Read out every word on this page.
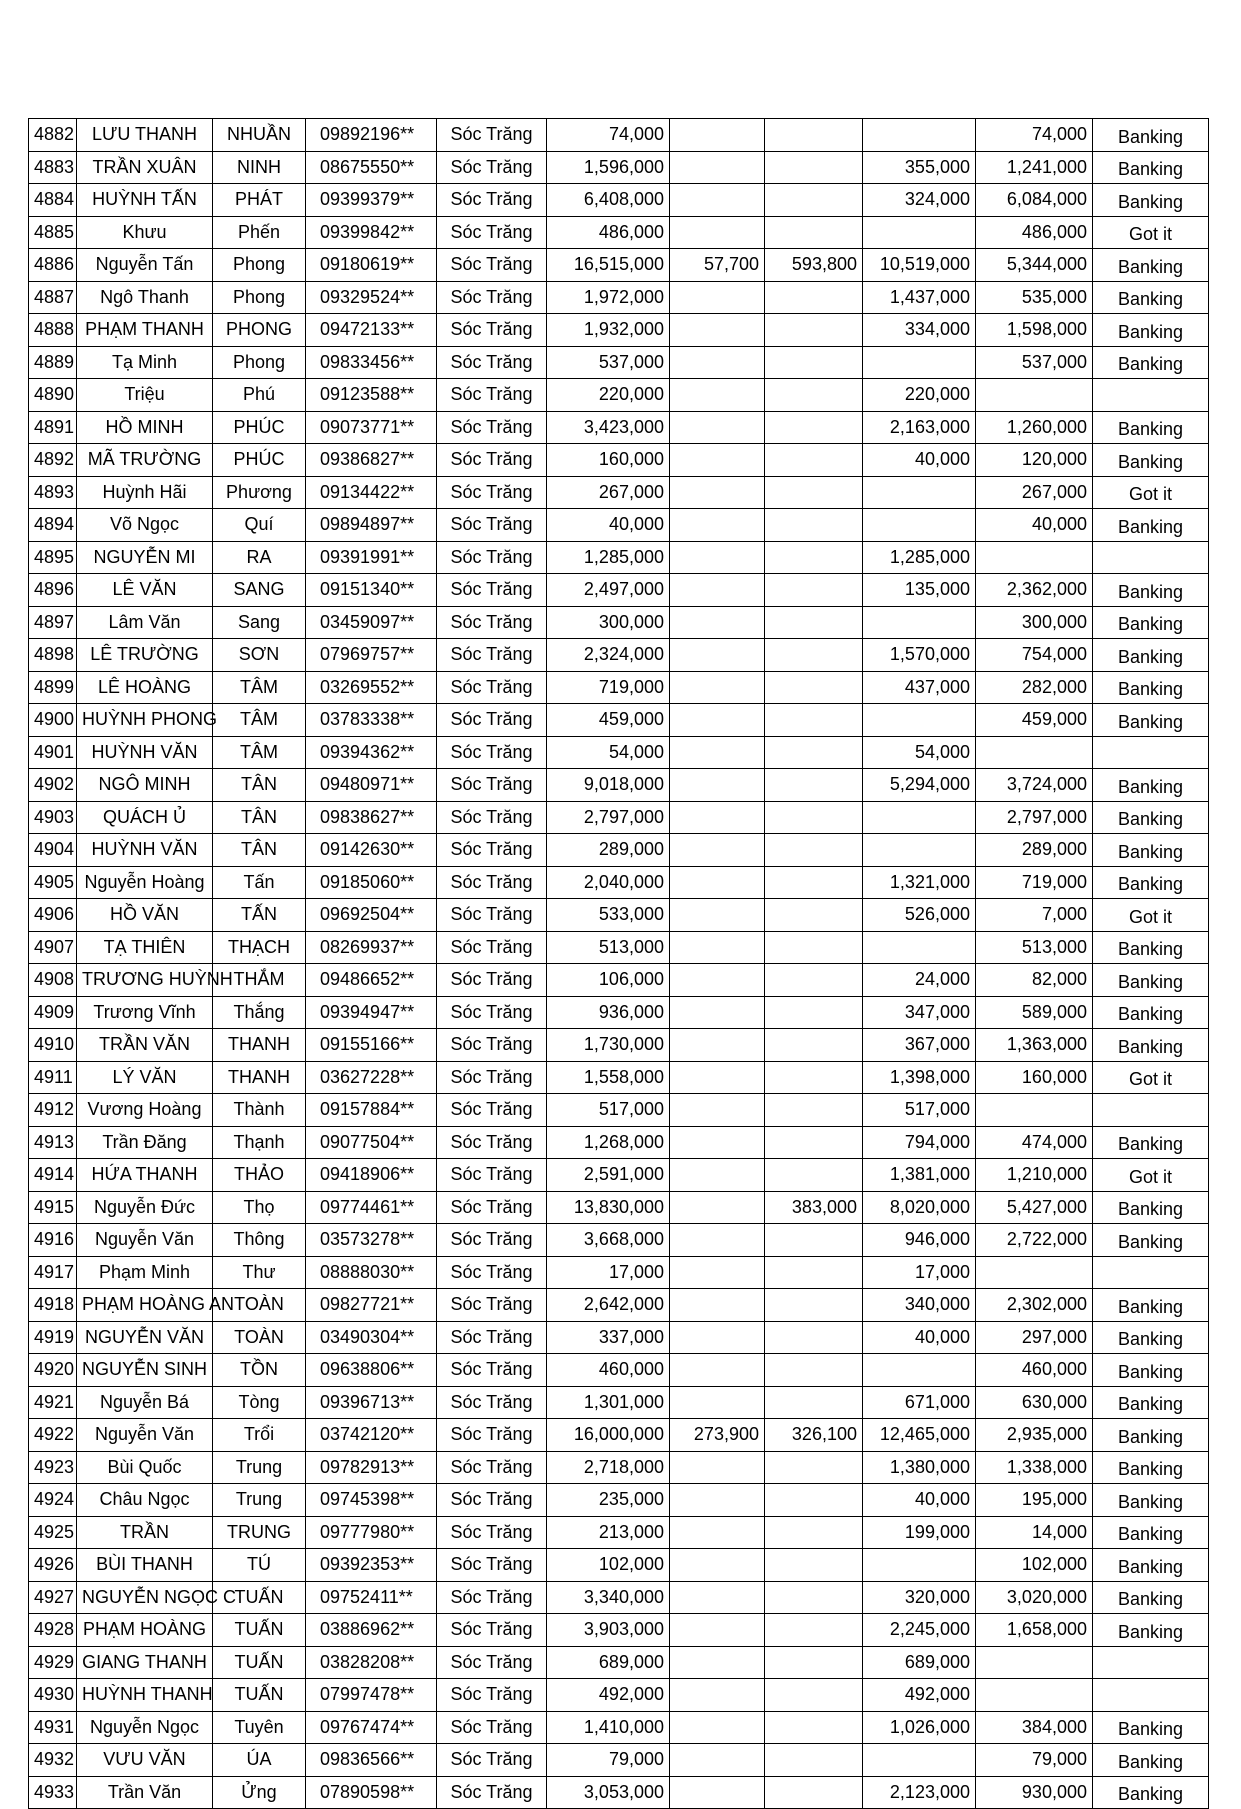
4882	LƯU THANH	NHUẦN	09892196**	Sóc Trăng	74,000				74,000	Banking
4883	TRẦN XUÂN	NINH	08675550**	Sóc Trăng	1,596,000			355,000	1,241,000	Banking
4884	HUỲNH TẤN	PHÁT	09399379**	Sóc Trăng	6,408,000			324,000	6,084,000	Banking
4885	Khưu	Phến	09399842**	Sóc Trăng	486,000				486,000	Got it
4886	Nguyễn Tấn	Phong	09180619**	Sóc Trăng	16,515,000	57,700	593,800	10,519,000	5,344,000	Banking
4887	Ngô Thanh	Phong	09329524**	Sóc Trăng	1,972,000			1,437,000	535,000	Banking
4888	PHẠM THANH	PHONG	09472133**	Sóc Trăng	1,932,000			334,000	1,598,000	Banking
4889	Tạ Minh	Phong	09833456**	Sóc Trăng	537,000				537,000	Banking
4890	Triệu	Phú	09123588**	Sóc Trăng	220,000			220,000		
4891	HỒ MINH	PHÚC	09073771**	Sóc Trăng	3,423,000			2,163,000	1,260,000	Banking
4892	MÃ TRƯỜNG	PHÚC	09386827**	Sóc Trăng	160,000			40,000	120,000	Banking
4893	Huỳnh Hãi	Phương	09134422**	Sóc Trăng	267,000				267,000	Got it
4894	Võ Ngọc	Quí	09894897**	Sóc Trăng	40,000				40,000	Banking
4895	NGUYỄN MI	RA	09391991**	Sóc Trăng	1,285,000			1,285,000		
4896	LÊ VĂN	SANG	09151340**	Sóc Trăng	2,497,000			135,000	2,362,000	Banking
4897	Lâm Văn	Sang	03459097**	Sóc Trăng	300,000				300,000	Banking
4898	LÊ TRƯỜNG	SƠN	07969757**	Sóc Trăng	2,324,000			1,570,000	754,000	Banking
4899	LÊ HOÀNG	TÂM	03269552**	Sóc Trăng	719,000			437,000	282,000	Banking
4900	HUỲNH PHONG	TÂM	03783338**	Sóc Trăng	459,000				459,000	Banking
4901	HUỲNH VĂN	TÂM	09394362**	Sóc Trăng	54,000			54,000		
4902	NGÔ MINH	TÂN	09480971**	Sóc Trăng	9,018,000			5,294,000	3,724,000	Banking
4903	QUÁCH Ủ	TÂN	09838627**	Sóc Trăng	2,797,000				2,797,000	Banking
4904	HUỲNH VĂN	TÂN	09142630**	Sóc Trăng	289,000				289,000	Banking
4905	Nguyễn Hoàng	Tấn	09185060**	Sóc Trăng	2,040,000			1,321,000	719,000	Banking
4906	HỒ VĂN	TẤN	09692504**	Sóc Trăng	533,000			526,000	7,000	Got it
4907	TẠ THIÊN	THẠCH	08269937**	Sóc Trăng	513,000				513,000	Banking
4908	TRƯƠNG HUỲNH	THẮM	09486652**	Sóc Trăng	106,000			24,000	82,000	Banking
4909	Trương Vĩnh	Thắng	09394947**	Sóc Trăng	936,000			347,000	589,000	Banking
4910	TRẦN VĂN	THANH	09155166**	Sóc Trăng	1,730,000			367,000	1,363,000	Banking
4911	LÝ VĂN	THANH	03627228**	Sóc Trăng	1,558,000			1,398,000	160,000	Got it
4912	Vương Hoàng	Thành	09157884**	Sóc Trăng	517,000			517,000		
4913	Trần Đăng	Thạnh	09077504**	Sóc Trăng	1,268,000			794,000	474,000	Banking
4914	HỨA THANH	THẢO	09418906**	Sóc Trăng	2,591,000			1,381,000	1,210,000	Got it
4915	Nguyễn Đức	Thọ	09774461**	Sóc Trăng	13,830,000		383,000	8,020,000	5,427,000	Banking
4916	Nguyễn Văn	Thông	03573278**	Sóc Trăng	3,668,000			946,000	2,722,000	Banking
4917	Phạm Minh	Thư	08888030**	Sóc Trăng	17,000			17,000		
4918	PHẠM HOÀNG AN	TOÀN	09827721**	Sóc Trăng	2,642,000			340,000	2,302,000	Banking
4919	NGUYỄN VĂN	TOÀN	03490304**	Sóc Trăng	337,000			40,000	297,000	Banking
4920	NGUYỄN SINH	TỒN	09638806**	Sóc Trăng	460,000				460,000	Banking
4921	Nguyễn Bá	Tòng	09396713**	Sóc Trăng	1,301,000			671,000	630,000	Banking
4922	Nguyễn Văn	Trổi	03742120**	Sóc Trăng	16,000,000	273,900	326,100	12,465,000	2,935,000	Banking
4923	Bùi Quốc	Trung	09782913**	Sóc Trăng	2,718,000			1,380,000	1,338,000	Banking
4924	Châu Ngọc	Trung	09745398**	Sóc Trăng	235,000			40,000	195,000	Banking
4925	TRẦN	TRUNG	09777980**	Sóc Trăng	213,000			199,000	14,000	Banking
4926	BÙI THANH	TÚ	09392353**	Sóc Trăng	102,000				102,000	Banking
4927	NGUYỄN NGỌC C	TUẤN	09752411**	Sóc Trăng	3,340,000			320,000	3,020,000	Banking
4928	PHẠM HOÀNG	TUẤN	03886962**	Sóc Trăng	3,903,000			2,245,000	1,658,000	Banking
4929	GIANG THANH	TUẤN	03828208**	Sóc Trăng	689,000			689,000		
4930	HUỲNH THANH	TUẤN	07997478**	Sóc Trăng	492,000			492,000		
4931	Nguyễn Ngọc	Tuyên	09767474**	Sóc Trăng	1,410,000			1,026,000	384,000	Banking
4932	VƯU VĂN	ÚA	09836566**	Sóc Trăng	79,000				79,000	Banking
4933	Trần Văn	Ửng	07890598**	Sóc Trăng	3,053,000			2,123,000	930,000	Banking
